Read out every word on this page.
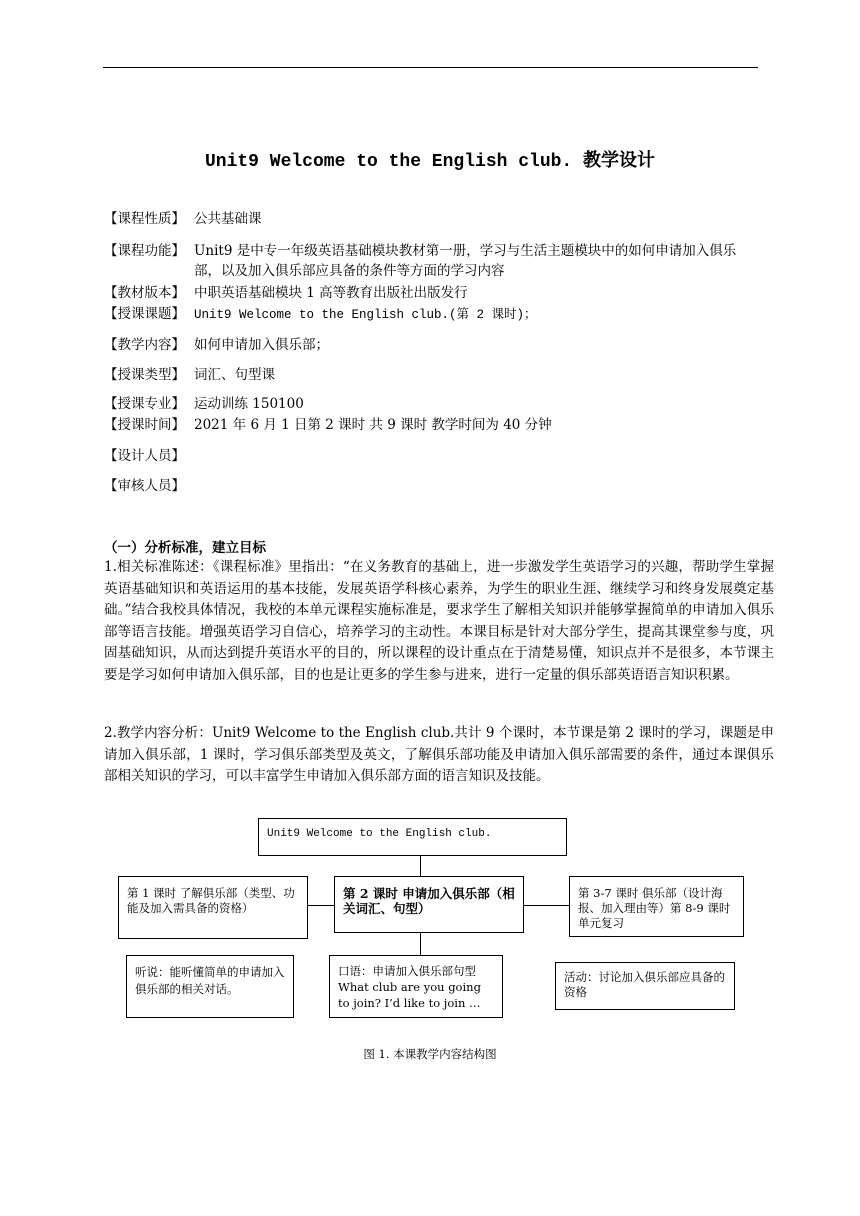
Unit9 Welcome to the English club. 教学设计
【课程性质】 公共基础课
【课程功能】 Unit9 是中专一年级英语基础模块教材第一册，学习与生活主题模块中的如何申请加入俱乐部，以及加入俱乐部应具备的条件等方面的学习内容
【教材版本】 中职英语基础模块 1 高等教育出版社出版发行
【授课课题】 Unit9 Welcome to the English club.(第 2 课时)；
【教学内容】 如何申请加入俱乐部；
【授课类型】 词汇、句型课
【授课专业】 运动训练 150100
【授课时间】 2021 年 6 月 1 日第 2 课时 共 9 课时 教学时间为 40 分钟
【设计人员】
【审核人员】
（一）分析标准，建立目标
1.相关标准陈述：《课程标准》里指出：“在义务教育的基础上，进一步激发学生英语学习的兴趣，帮助学生掌握英语基础知识和英语运用的基本技能，发展英语学科核心素养，为学生的职业生涯、继续学习和终身发展奠定基础。”结合我校具体情况，我校的本单元课程实施标准是，要求学生了解相关知识并能够掌握简单的申请加入俱乐部等语言技能。增强英语学习自信心，培养学习的主动性。本课目标是针对大部分学生，提高其课堂参与度，巩固基础知识，从而达到提升英语水平的目的，所以课程的设计重点在于清楚易懂，知识点并不是很多，本节课主要是学习如何申请加入俱乐部，目的也是让更多的学生参与进来，进行一定量的俱乐部英语语言知识积累。
2.教学内容分析：Unit9 Welcome to the English club.共计 9 个课时，本节课是第 2 课时的学习，课题是申请加入俱乐部，1 课时，学习俱乐部类型及英文，了解俱乐部功能及申请加入俱乐部需要的条件，通过本课俱乐部相关知识的学习，可以丰富学生申请加入俱乐部方面的语言知识及技能。
Unit9 Welcome to the English club.
第 2 课时 申请加入俱乐部（相关词汇、句型）
第 1 课时 了解俱乐部（类型、功能及加入需具备的资格）
第 3-7 课时 俱乐部（设计海报、加入理由等）第 8-9 课时 单元复习
听说：能听懂简单的申请加入俱乐部的相关对话。
口语：申请加入俱乐部句型 What club are you going to join? I’d like to join …
活动：讨论加入俱乐部应具备的资格
图 1. 本课教学内容结构图
